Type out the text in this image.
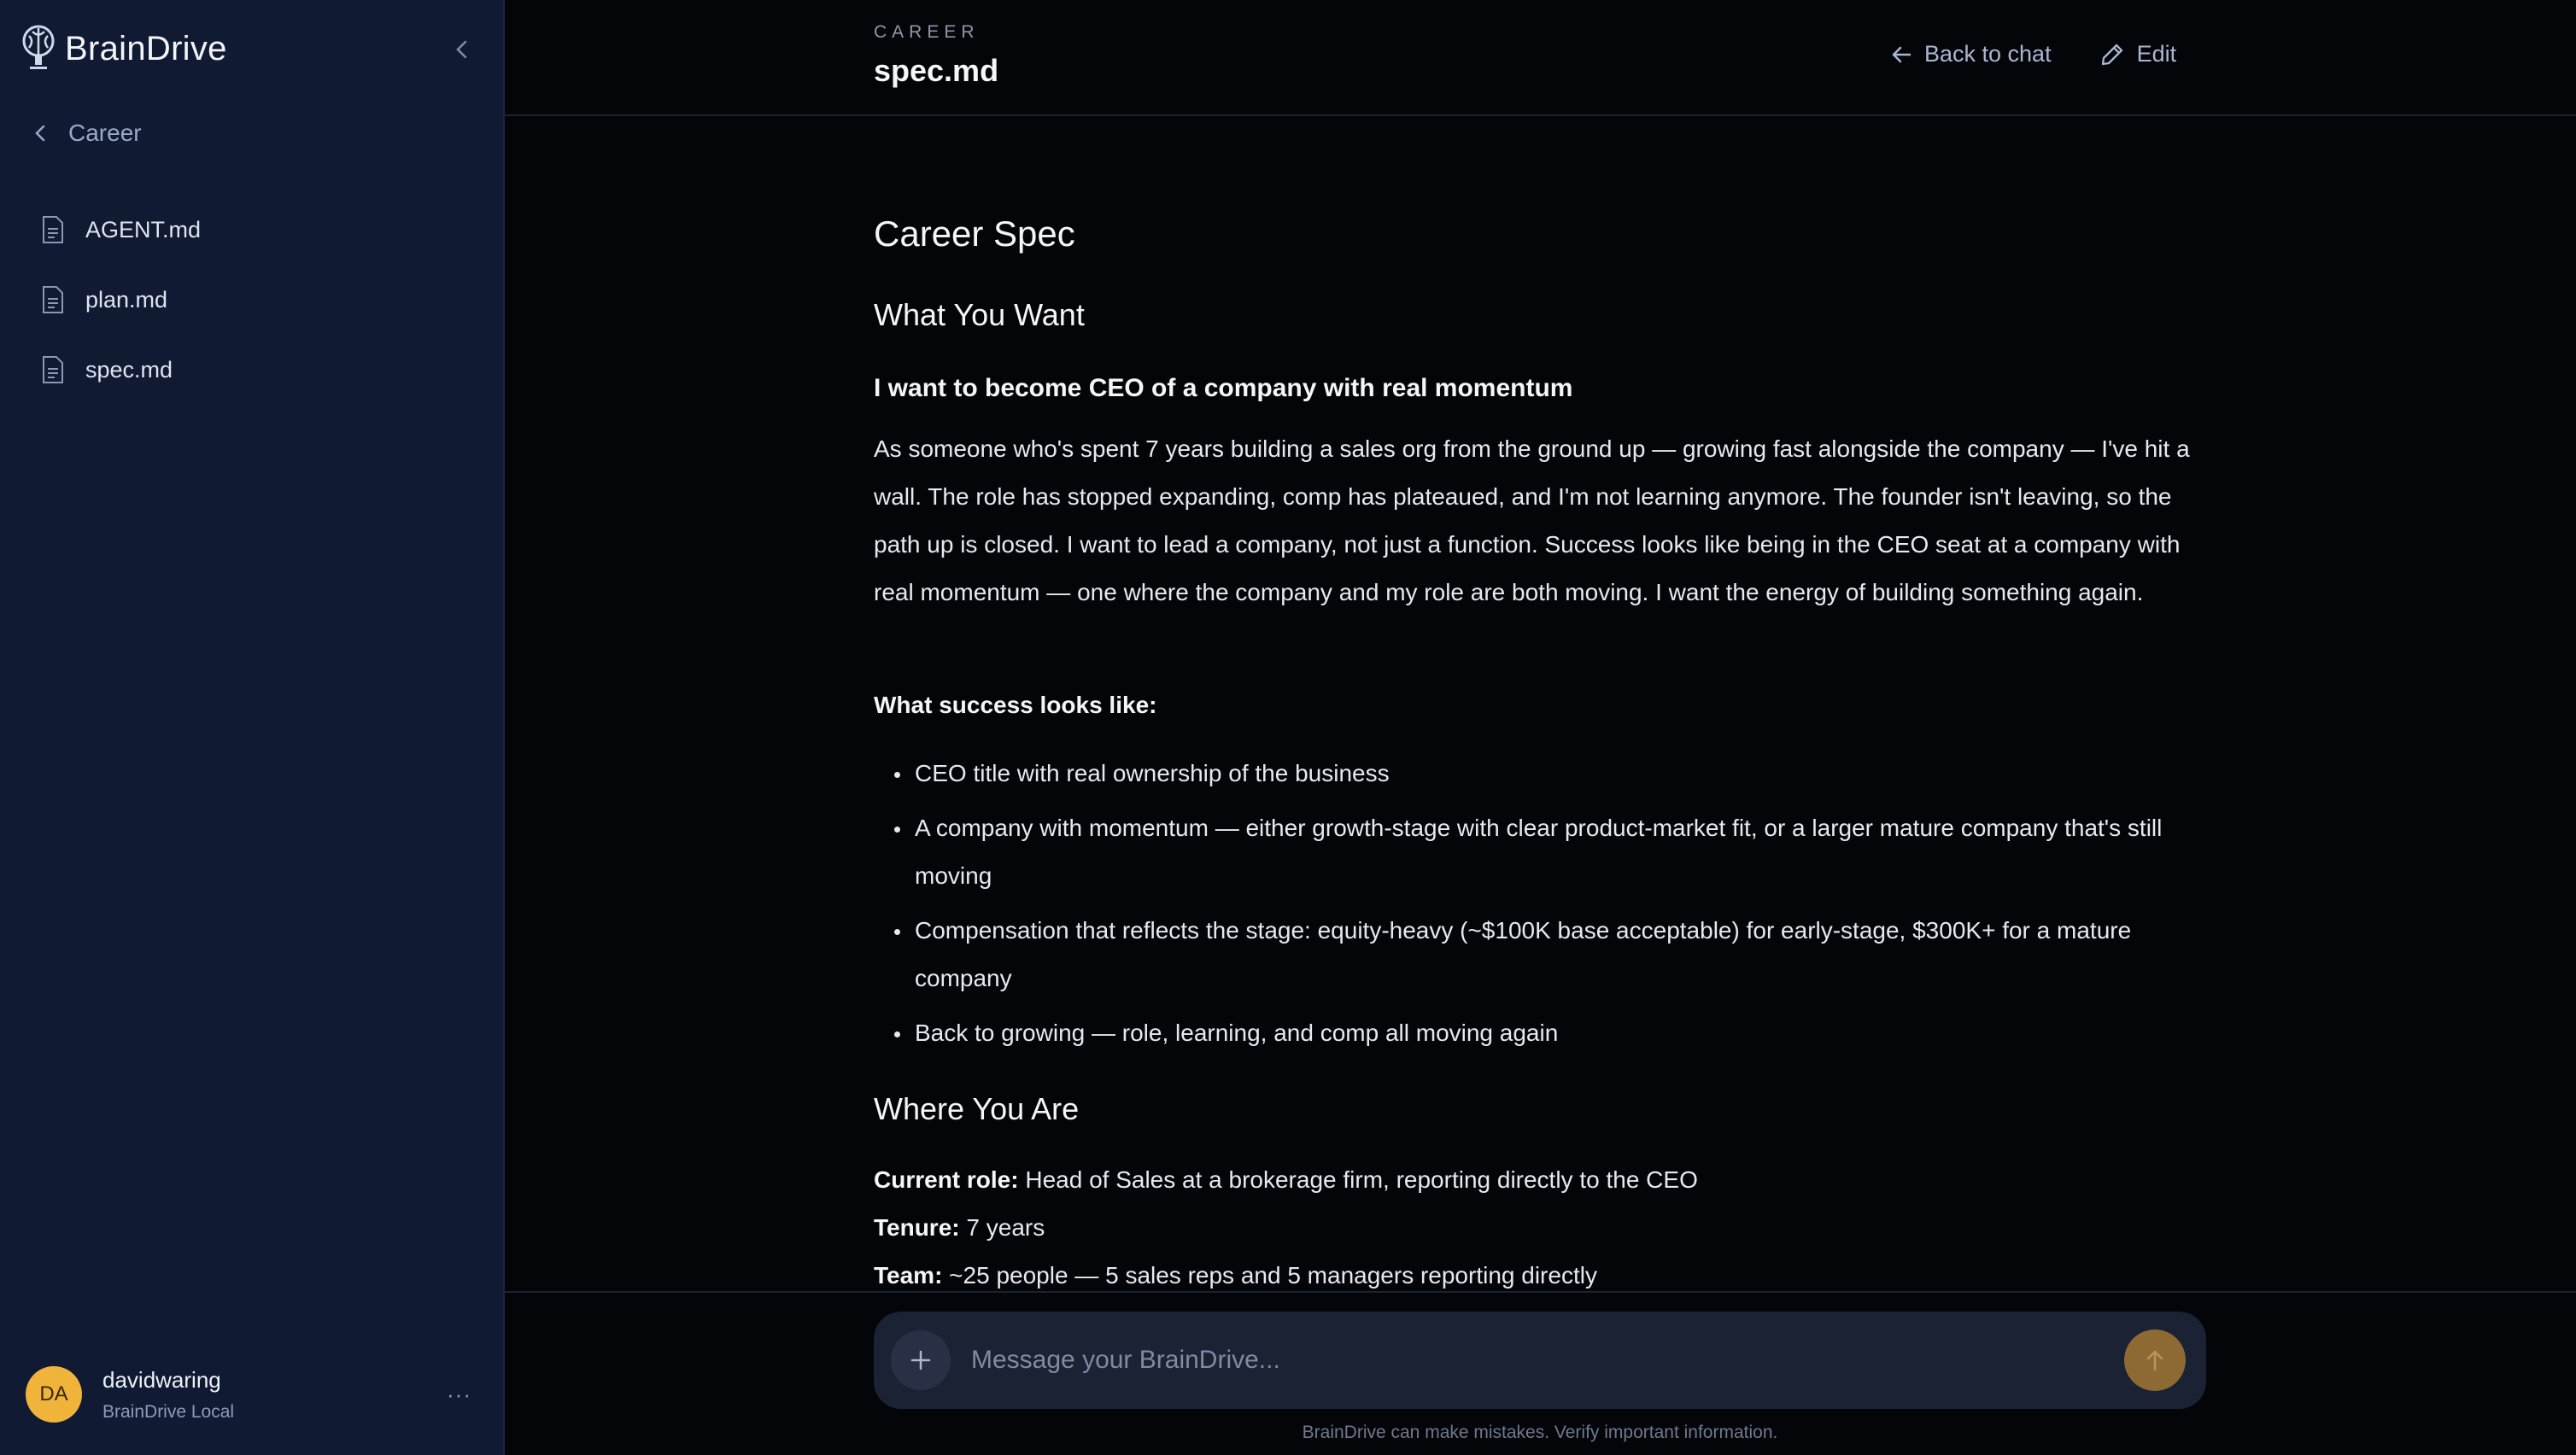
BrainDrive
Career
AGENT.md
plan.md
spec.md
DA
davidwaring
BrainDrive Local
···
CAREER
spec.md	Back to chat	Edit
Career Spec
What You Want
I want to become CEO of a company with real momentum

As someone who's spent 7 years building a sales org from the ground up — growing fast alongside the company — I've hit a wall. The role has stopped expanding, comp has plateaued, and I'm not learning anymore. The founder isn't leaving, so the path up is closed. I want to lead a company, not just a function. Success looks like being in the CEO seat at a company with real momentum — one where the company and my role are both moving. I want the energy of building something again.

What success looks like:
CEO title with real ownership of the business
A company with momentum — either growth-stage with clear product-market fit, or a larger mature company that's still moving
Compensation that reflects the stage: equity-heavy (~$100K base acceptable) for early-stage, $300K+ for a mature company
Back to growing — role, learning, and comp all moving again
Where You Are
Current role: Head of Sales at a brokerage firm, reporting directly to the CEO
Tenure: 7 years
Team: ~25 people — 5 sales reps and 5 managers reporting directly
Message your BrainDrive...
BrainDrive can make mistakes. Verify important information.
